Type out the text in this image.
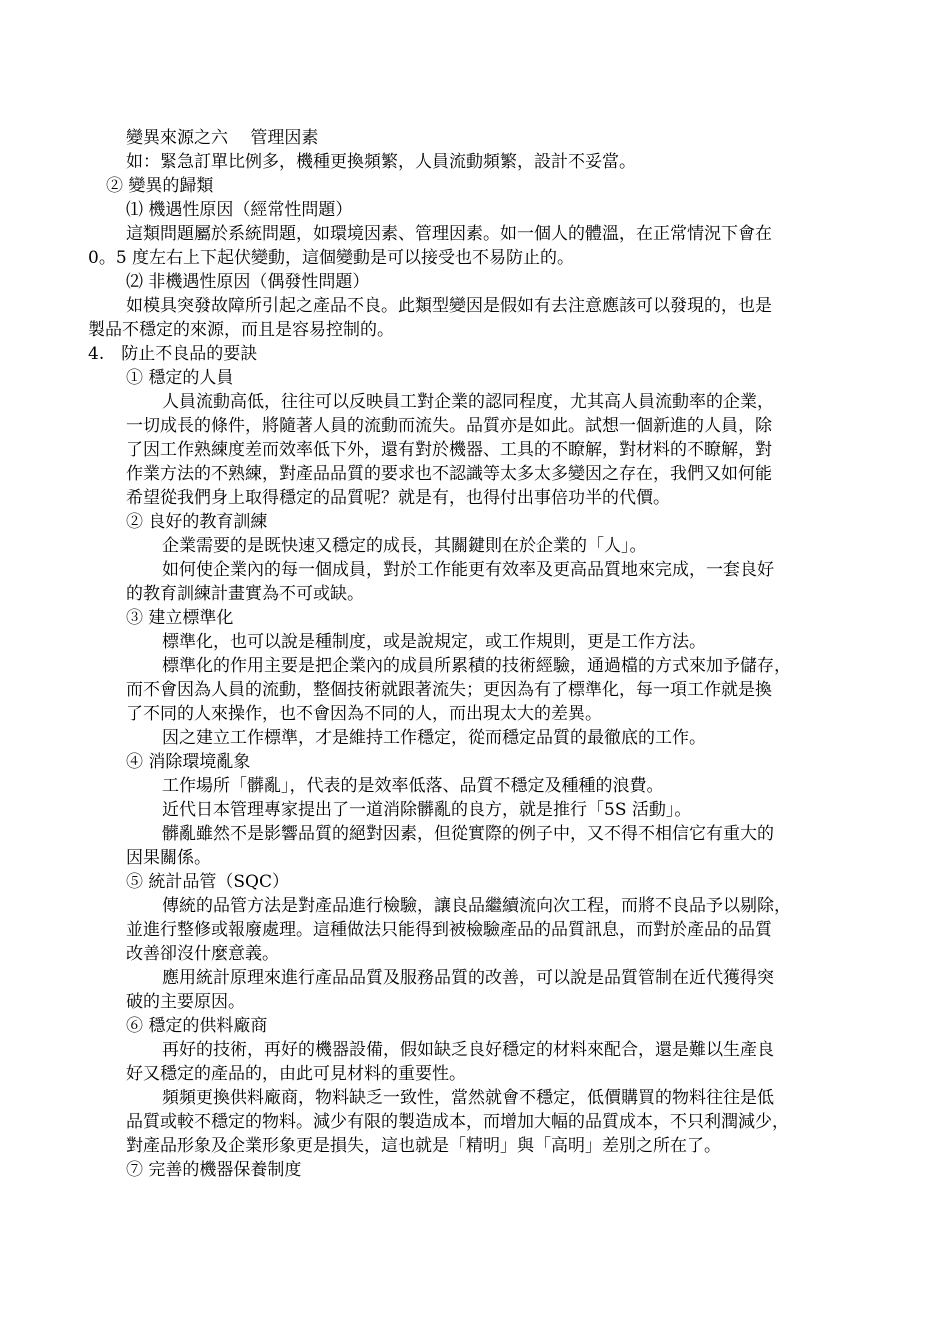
變異來源之六　 管理因素
如：緊急訂單比例多，機種更換頻繁，人員流動頻繁，設計不妥當。
② 變異的歸類
⑴ 機遇性原因（經常性問題）
這類問題屬於系統問題，如環境因素、管理因素。如一個人的體溫，在正常情況下會在
0。5 度左右上下起伏變動，這個變動是可以接受也不易防止的。
⑵ 非機遇性原因（偶發性問題）
如模具突發故障所引起之產品不良。此類型變因是假如有去注意應該可以發現的，也是
製品不穩定的來源，而且是容易控制的。
4.　防止不良品的要訣
① 穩定的人員
人員流動高低，往往可以反映員工對企業的認同程度，尤其高人員流動率的企業，
一切成長的條件，將隨著人員的流動而流失。品質亦是如此。試想一個新進的人員，除
了因工作熟練度差而效率低下外，還有對於機器、工具的不瞭解，對材料的不瞭解，對
作業方法的不熟練，對產品品質的要求也不認識等太多太多變因之存在，我們又如何能
希望從我們身上取得穩定的品質呢？就是有，也得付出事倍功半的代價。
② 良好的教育訓練
企業需要的是既快速又穩定的成長，其關鍵則在於企業的「人」。
如何使企業內的每一個成員，對於工作能更有效率及更高品質地來完成，一套良好
的教育訓練計畫實為不可或缺。
③ 建立標準化
標準化，也可以說是種制度，或是說規定，或工作規則，更是工作方法。
標準化的作用主要是把企業內的成員所累積的技術經驗，通過檔的方式來加予儲存，
而不會因為人員的流動，整個技術就跟著流失；更因為有了標準化，每一項工作就是換
了不同的人來操作，也不會因為不同的人，而出現太大的差異。
因之建立工作標準，才是維持工作穩定，從而穩定品質的最徹底的工作。
④ 消除環境亂象
工作場所「髒亂」，代表的是效率低落、品質不穩定及種種的浪費。
近代日本管理專家提出了一道消除髒亂的良方，就是推行「5S 活動」。
髒亂雖然不是影響品質的絕對因素，但從實際的例子中，又不得不相信它有重大的
因果關係。
⑤ 統計品管（SQC）
傳統的品管方法是對產品進行檢驗，讓良品繼續流向次工程，而將不良品予以剔除，
並進行整修或報廢處理。這種做法只能得到被檢驗產品的品質訊息，而對於產品的品質
改善卻沒什麼意義。
應用統計原理來進行產品品質及服務品質的改善，可以說是品質管制在近代獲得突
破的主要原因。
⑥ 穩定的供料廠商
再好的技術，再好的機器設備，假如缺乏良好穩定的材料來配合，還是難以生產良
好又穩定的產品的，由此可見材料的重要性。
頻頻更換供料廠商，物料缺乏一致性，當然就會不穩定，低價購買的物料往往是低
品質或較不穩定的物料。減少有限的製造成本，而增加大幅的品質成本，不只利潤減少，
對產品形象及企業形象更是損失，這也就是「精明」與「高明」差別之所在了。
⑦ 完善的機器保養制度
